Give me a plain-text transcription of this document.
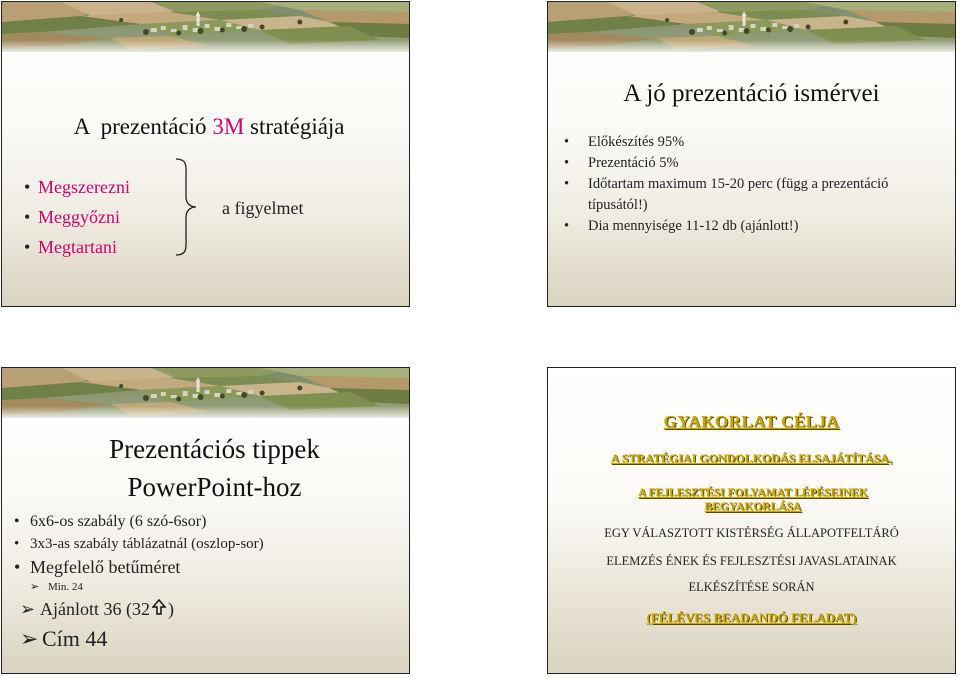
A  prezentáció 3M stratégiája

• Megszerezni
• Meggyőzni
• Megtartani
a figyelmet
A jó prezentáció ismérvei
• Előkészítés 95%
• Prezentáció 5%
• Időtartam maximum 15-20 perc (függ a prezentáció típusától!)
• Dia mennyisége 11-12 db (ajánlott!)
Prezentációs tippek
PowerPoint-hoz
• 6x6-os szabály (6 szó-6sor)
• 3x3-as szabály táblázatnál (oszlop-sor)
• Megfelelő betűméret
➢ Min. 24
➢ Ajánlott 36 (32 )
➢ Cím 44
GYAKORLAT CÉLJA
A STRATÉGIAI GONDOLKODÁS ELSAJÁTÍTÁSA,
A FEJLESZTÉSI FOLYAMAT LÉPÉSEINEK BEGYAKORLÁSA
EGY VÁLASZTOTT KISTÉRSÉG ÁLLAPOTFELTÁRÓ
ELEMZÉS ÉNEK ÉS FEJLESZTÉSI JAVASLATAINAK
ELKÉSZÍTÉSE SORÁN
(FÉLÉVES BEADANDÓ FELADAT)
